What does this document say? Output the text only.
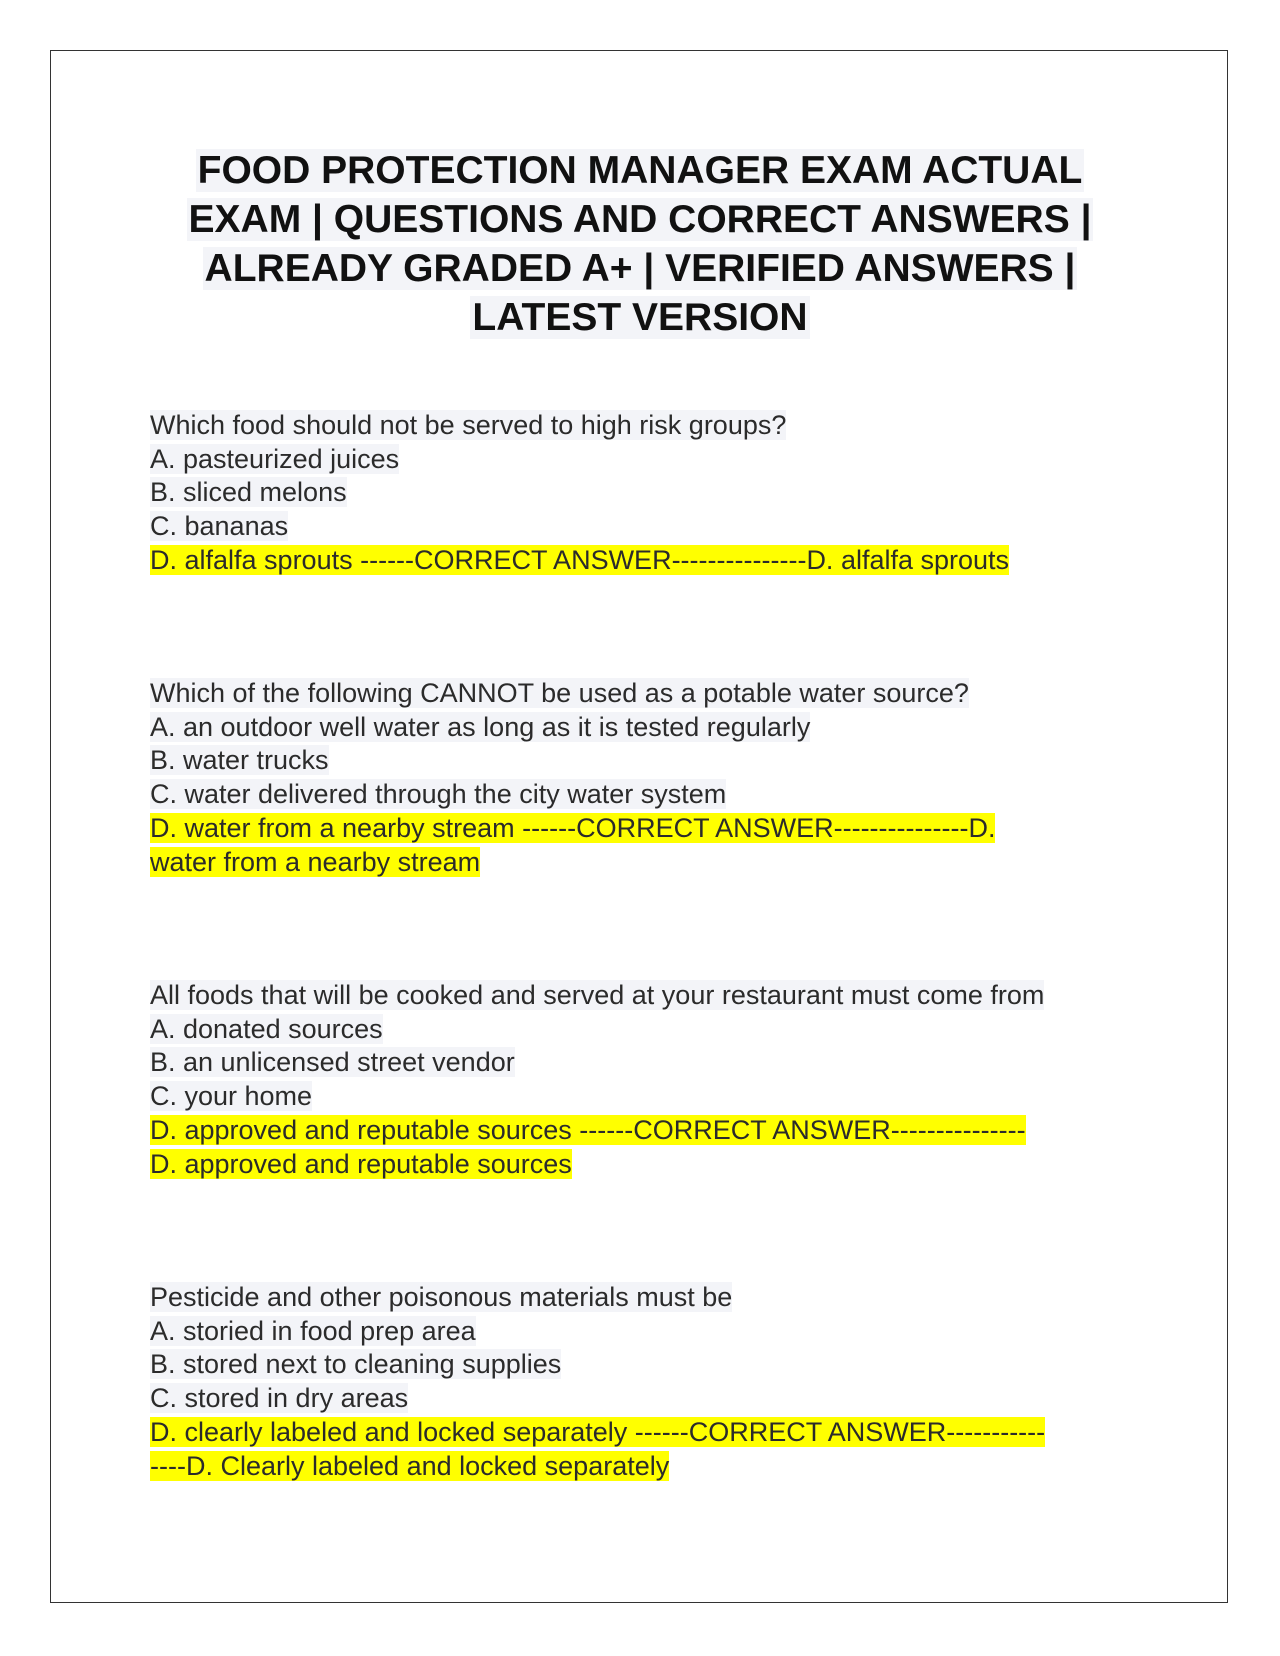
FOOD PROTECTION MANAGER EXAM ACTUAL
EXAM | QUESTIONS AND CORRECT ANSWERS |
ALREADY GRADED A+ | VERIFIED ANSWERS |
LATEST VERSION
Which food should not be served to high risk groups?
A. pasteurized juices
B. sliced melons
C. bananas
D. alfalfa sprouts ------CORRECT ANSWER---------------D. alfalfa sprouts
Which of the following CANNOT be used as a potable water source?
A. an outdoor well water as long as it is tested regularly
B. water trucks
C. water delivered through the city water system
D. water from a nearby stream ------CORRECT ANSWER---------------D.
water from a nearby stream
All foods that will be cooked and served at your restaurant must come from
A. donated sources
B. an unlicensed street vendor
C. your home
D. approved and reputable sources ------CORRECT ANSWER---------------
D. approved and reputable sources
Pesticide and other poisonous materials must be
A. storied in food prep area
B. stored next to cleaning supplies
C. stored in dry areas
D. clearly labeled and locked separately ------CORRECT ANSWER-----------
----D. Clearly labeled and locked separately
